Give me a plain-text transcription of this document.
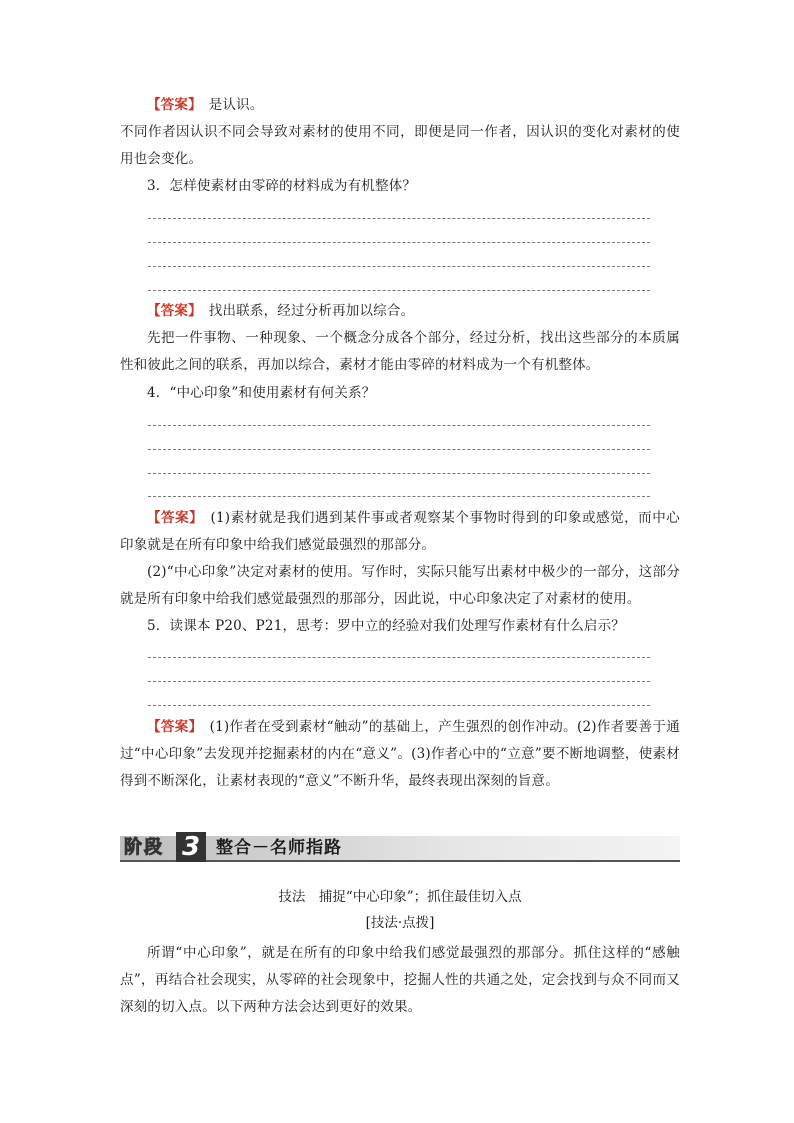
【答案】　 是认识。
不同作者因认识不同会导致对素材的使用不同，即便是同一作者，因认识的变化对素材的使用也会变化。
3．怎样使素材由零碎的材料成为有机整体？
【答案】　 找出联系，经过分析再加以综合。
先把一件事物、一种现象、一个概念分成各个部分，经过分析，找出这些部分的本质属性和彼此之间的联系，再加以综合，素材才能由零碎的材料成为一个有机整体。
4．“中心印象”和使用素材有何关系？
【答案】　 (1)素材就是我们遇到某件事或者观察某个事物时得到的印象或感觉，而中心印象就是在所有印象中给我们感觉最强烈的那部分。
(2)“中心印象”决定对素材的使用。写作时，实际只能写出素材中极少的一部分，这部分就是所有印象中给我们感觉最强烈的那部分，因此说，中心印象决定了对素材的使用。
5．读课本 P20、P21，思考：罗中立的经验对我们处理写作素材有什么启示？
【答案】　 (1)作者在受到素材“触动”的基础上，产生强烈的创作冲动。(2)作者要善于通过“中心印象”去发现并挖掘素材的内在“意义”。(3)作者心中的“立意”要不断地调整，使素材得到不断深化，让素材表现的“意义”不断升华，最终表现出深刻的旨意。
阶段 3 整合－名师指路
技法　捕捉“中心印象”；抓住最佳切入点
[技法·点拨]
所谓“中心印象”，就是在所有的印象中给我们感觉最强烈的那部分。抓住这样的“感触点”，再结合社会现实，从零碎的社会现象中，挖掘人性的共通之处，定会找到与众不同而又深刻的切入点。以下两种方法会达到更好的效果。
